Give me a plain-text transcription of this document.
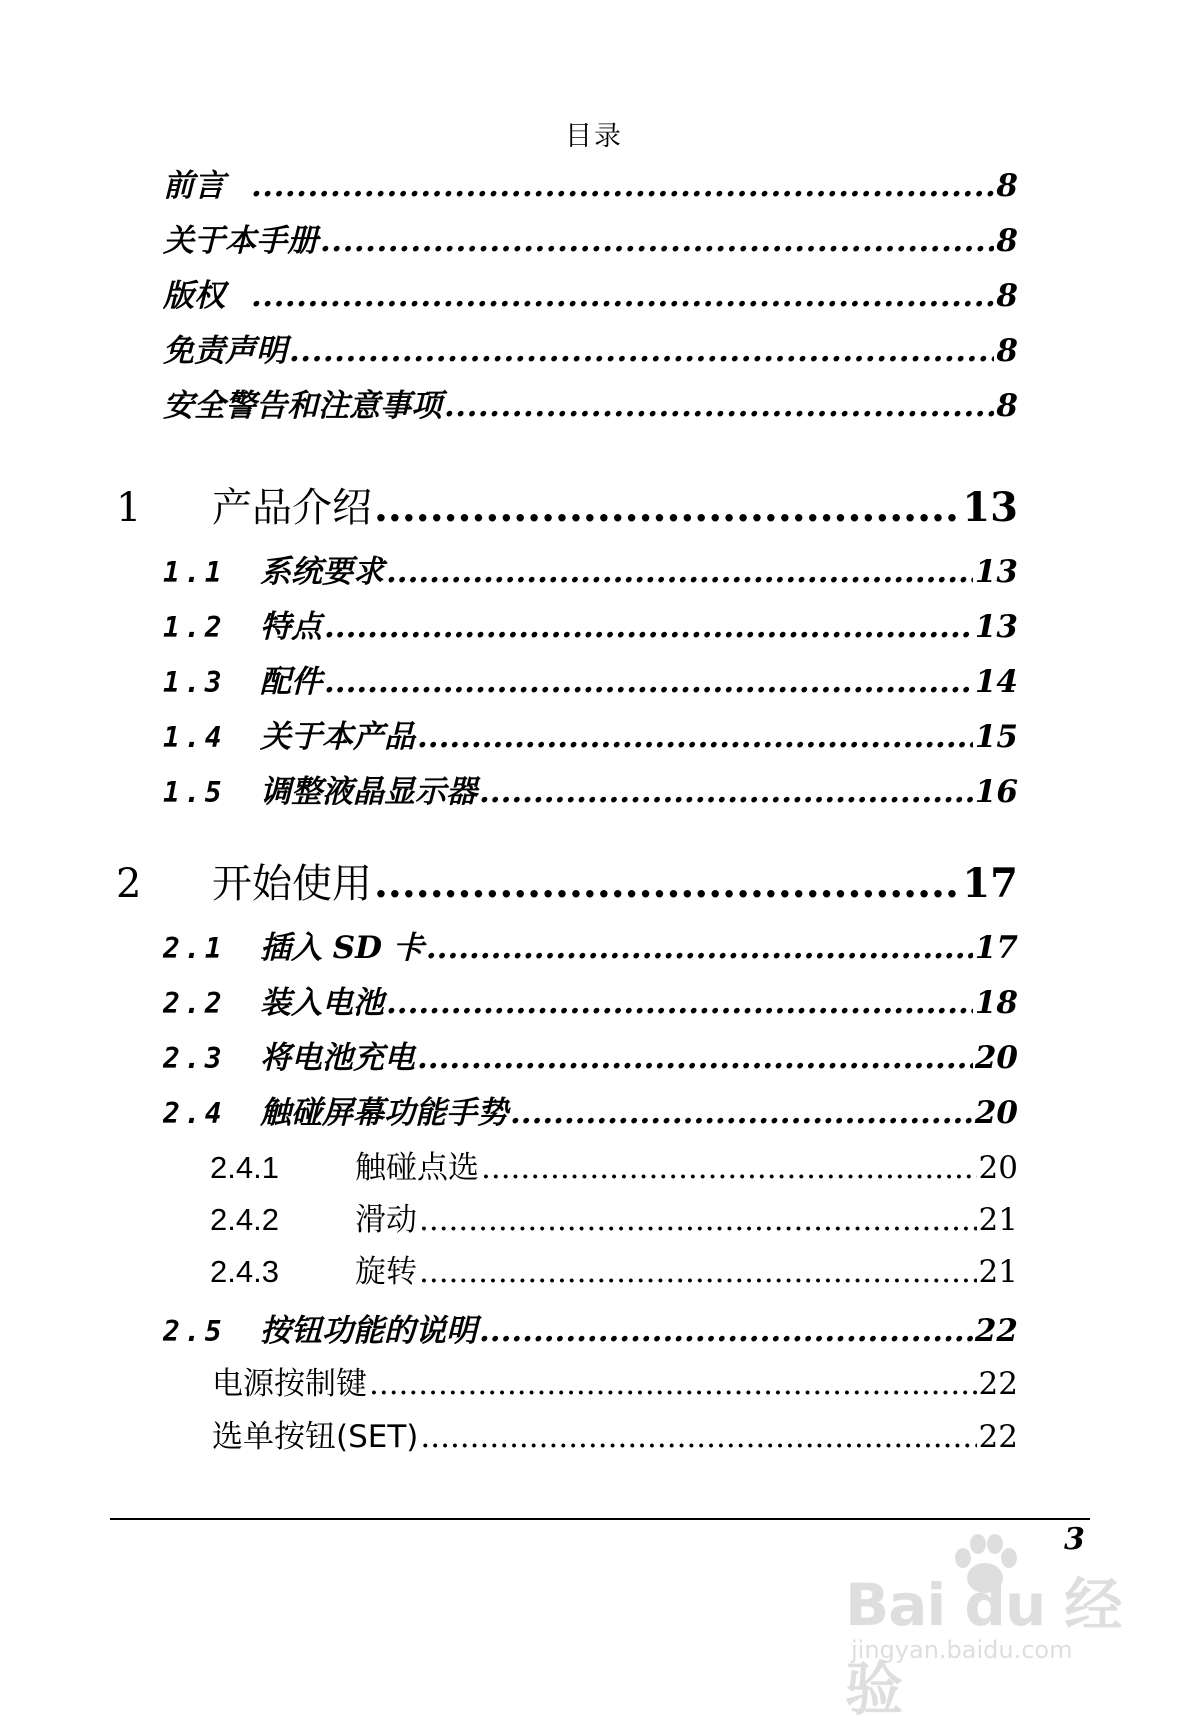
目录
前言 .....	8
关于本手册 .....	8
版权 .....	8
免责声明 .....	8
安全警告和注意事项 .....	8
1	产品介绍 .....	13
1.1	系统要求 .....	13
1.2	特点 .....	13
1.3	配件 .....	14
1.4	关于本产品 .....	15
1.5	调整液晶显示器 .....	16
2	开始使用 .....	17
2.1	插入 SD 卡 .....	17
2.2	装入电池 .....	18
2.3	将电池充电 .....	20
2.4	触碰屏幕功能手势 .....	20
2.4.1	触碰点选 .....	20
2.4.2	滑动 .....	21
2.4.3	旋转 .....	21
2.5	按钮功能的说明 .....	22
电源按制键 .....	22
选单按钮(SET) .....	22
3
Bai du 经验
jingyan.baidu.com
